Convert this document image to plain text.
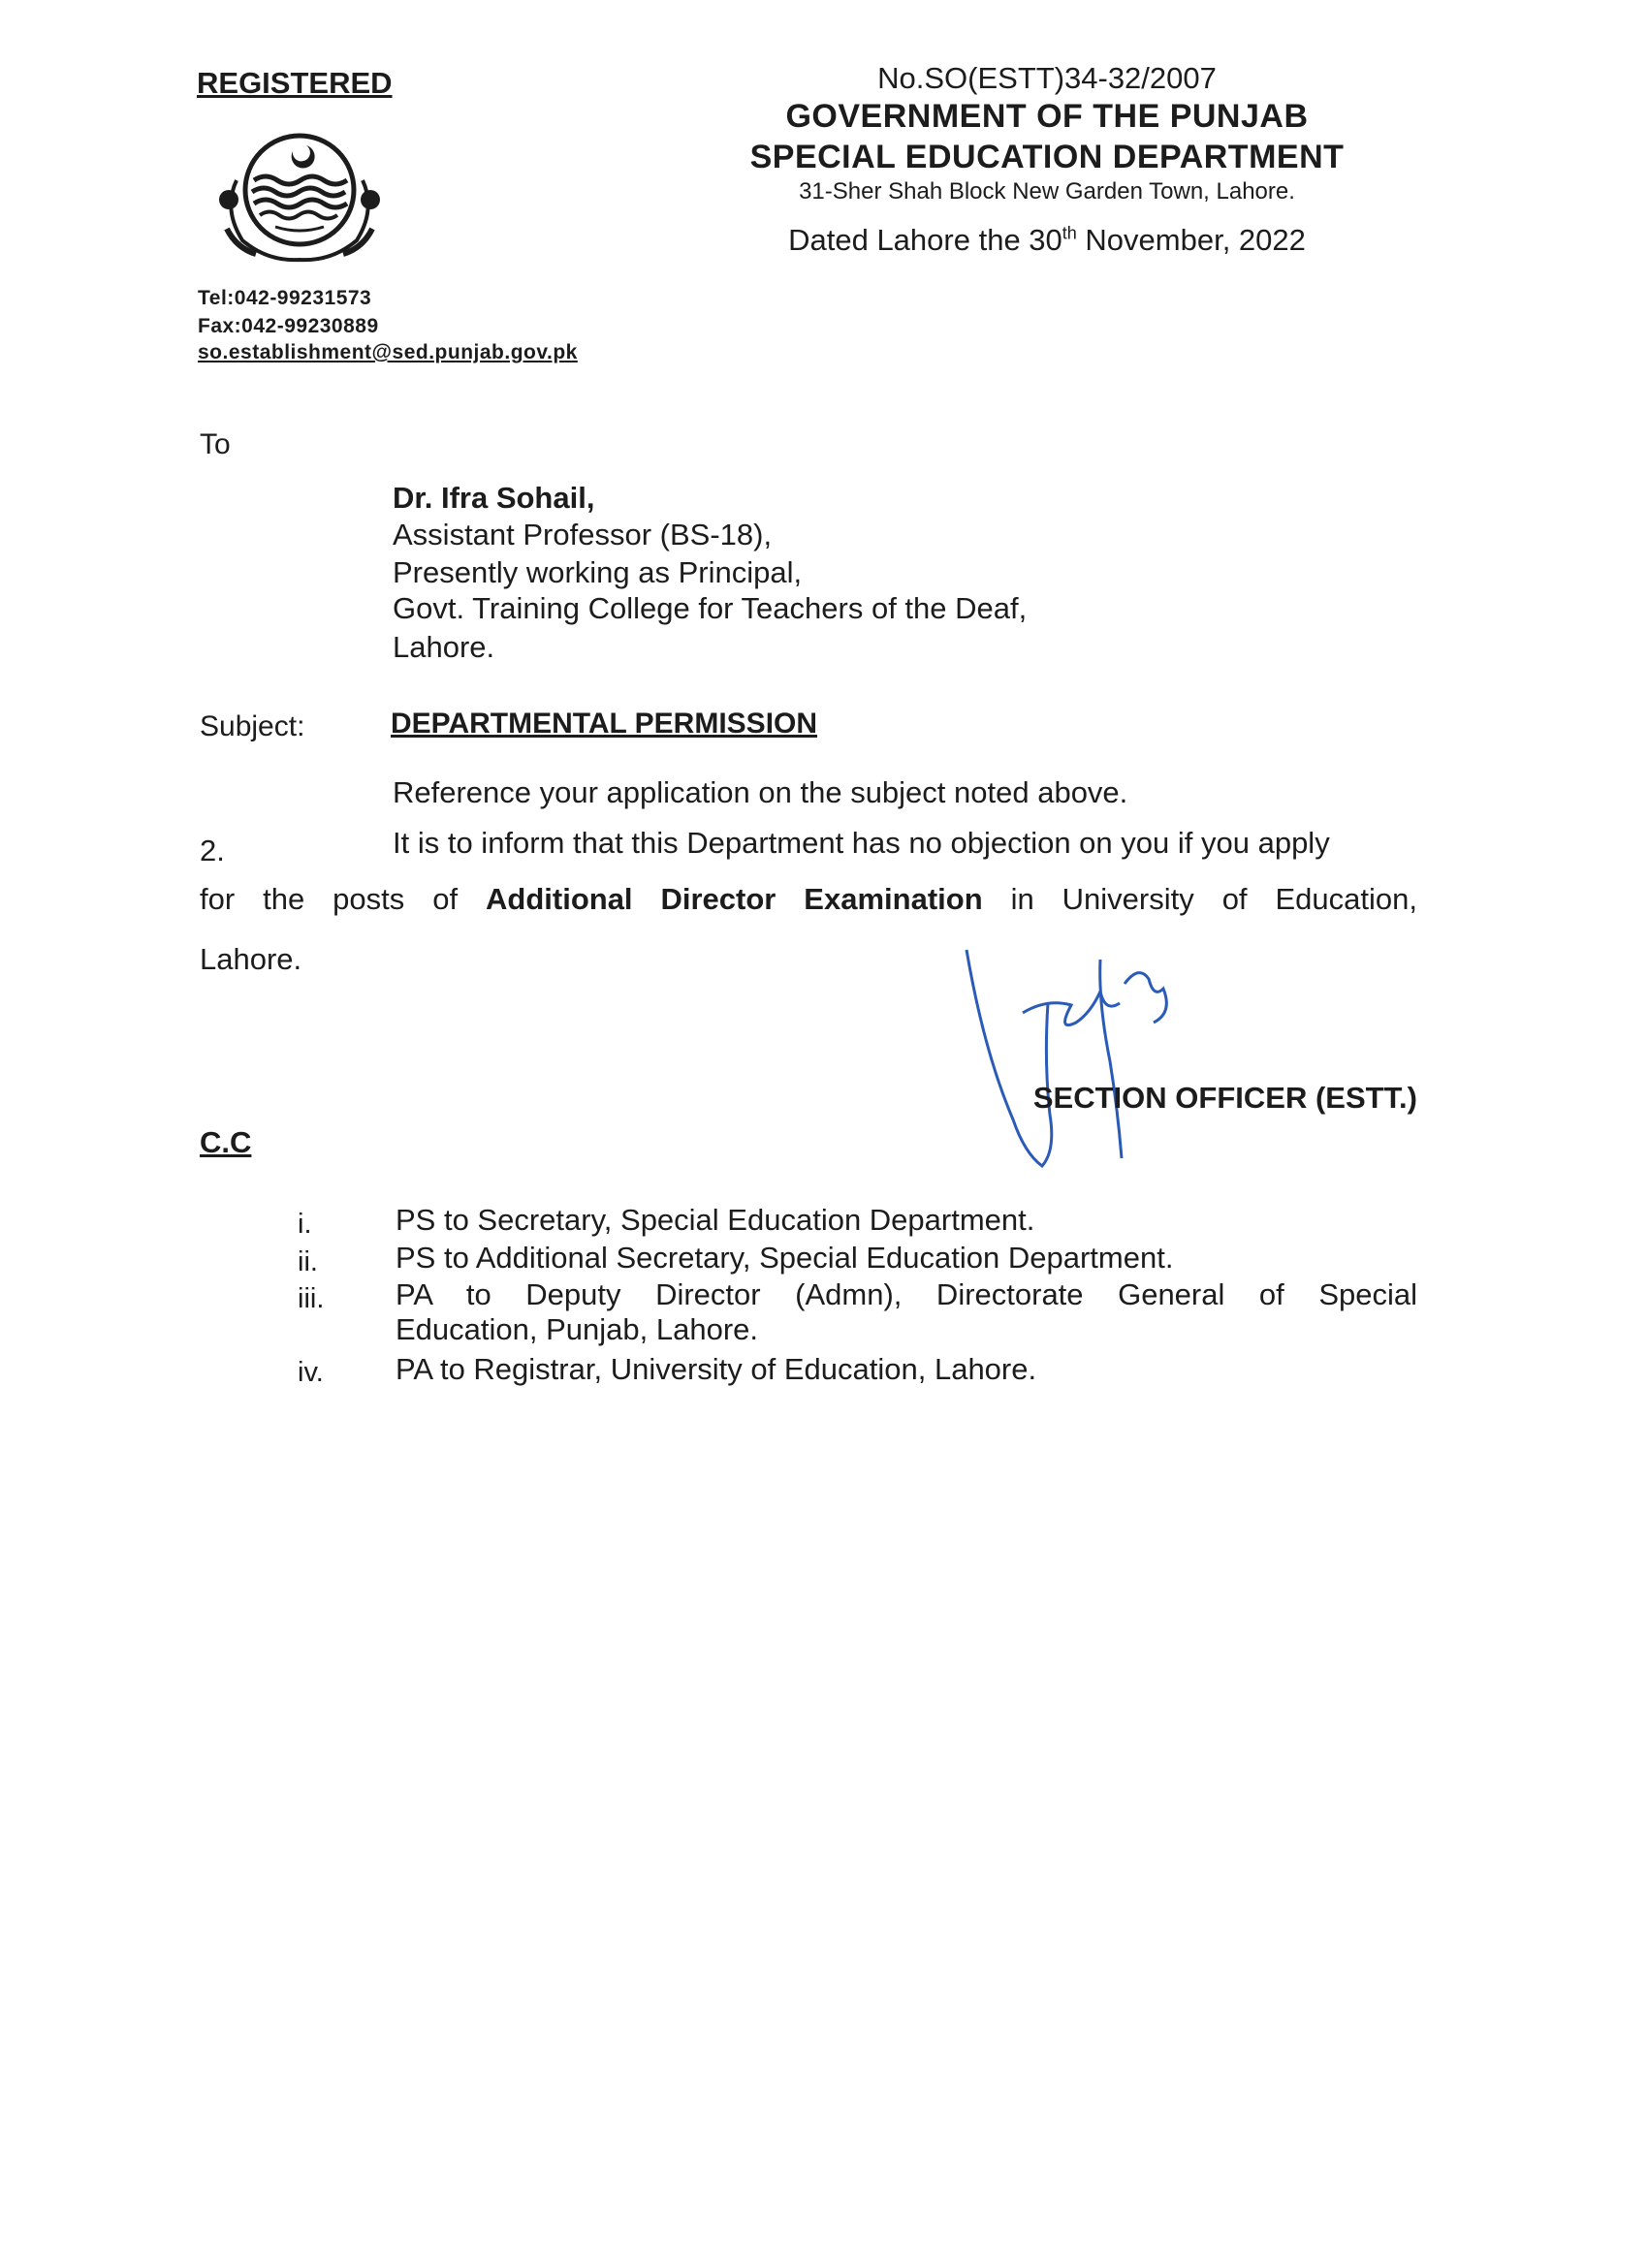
REGISTERED	No.SO(ESTT)34-32/2007
GOVERNMENT OF THE PUNJAB
SPECIAL EDUCATION DEPARTMENT
31-Sher Shah Block New Garden Town, Lahore.
Dated Lahore the 30th November, 2022
Tel:042-99231573
Fax:042-99230889
so.establishment@sed.punjab.gov.pk
To
Dr. Ifra Sohail,
Assistant Professor (BS-18),
Presently working as Principal,
Govt. Training College for Teachers of the Deaf,
Lahore.
Subject:	DEPARTMENTAL PERMISSION
Reference your application on the subject noted above.
2.	It is to inform that this Department has no objection on you if you apply
for the posts of Additional Director Examination in University of Education,
Lahore.
SECTION OFFICER (ESTT.)
C.C
i.	PS to Secretary, Special Education Department.
ii.	PS to Additional Secretary, Special Education Department.
iii. PA to Deputy Director (Admn), Directorate General of Special
Education, Punjab, Lahore.
iv. PA to Registrar, University of Education, Lahore.
